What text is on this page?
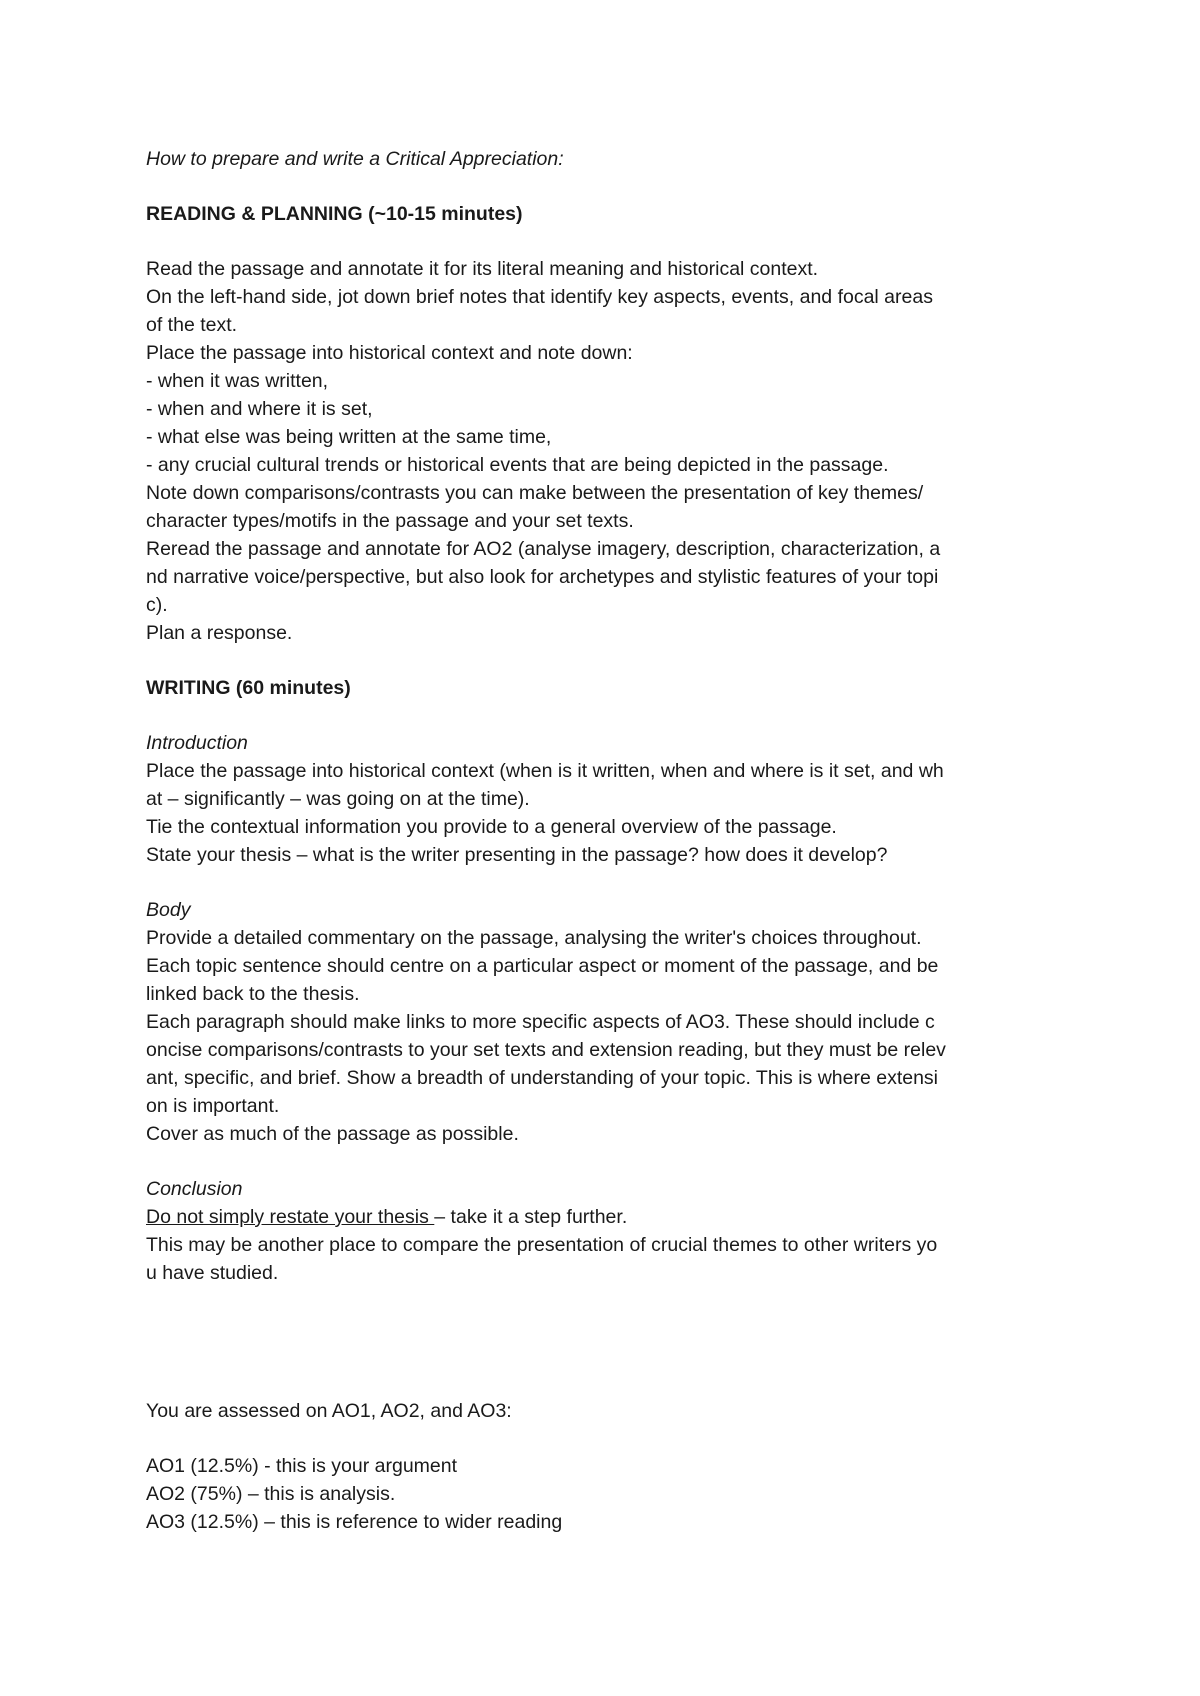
How to prepare and write a Critical Appreciation:
READING & PLANNING (~10-15 minutes)
Read the passage and annotate it for its literal meaning and historical context.
On the left-hand side, jot down brief notes that identify key aspects, events, and focal areas
of the text.
Place the passage into historical context and note down:
- when it was written,
- when and where it is set,
- what else was being written at the same time,
- any crucial cultural trends or historical events that are being depicted in the passage.
Note down comparisons/contrasts you can make between the presentation of key themes/
character types/motifs in the passage and your set texts.
Reread the passage and annotate for AO2 (analyse imagery, description, characterization, a
nd narrative voice/perspective, but also look for archetypes and stylistic features of your topi
c).
Plan a response.
WRITING (60 minutes)
Introduction
Place the passage into historical context (when is it written, when and where is it set, and wh
at – significantly – was going on at the time).
Tie the contextual information you provide to a general overview of the passage.
State your thesis – what is the writer presenting in the passage? how does it develop?
Body
Provide a detailed commentary on the passage, analysing the writer's choices throughout.
Each topic sentence should centre on a particular aspect or moment of the passage, and be
linked back to the thesis.
Each paragraph should make links to more specific aspects of AO3. These should include c
oncise comparisons/contrasts to your set texts and extension reading, but they must be relev
ant, specific, and brief. Show a breadth of understanding of your topic. This is where extensi
on is important.
Cover as much of the passage as possible.
Conclusion
Do not simply restate your thesis – take it a step further.
This may be another place to compare the presentation of crucial themes to other writers yo
u have studied.
You are assessed on AO1, AO2, and AO3:
AO1 (12.5%) - this is your argument
AO2 (75%) – this is analysis.
AO3 (12.5%) – this is reference to wider reading
